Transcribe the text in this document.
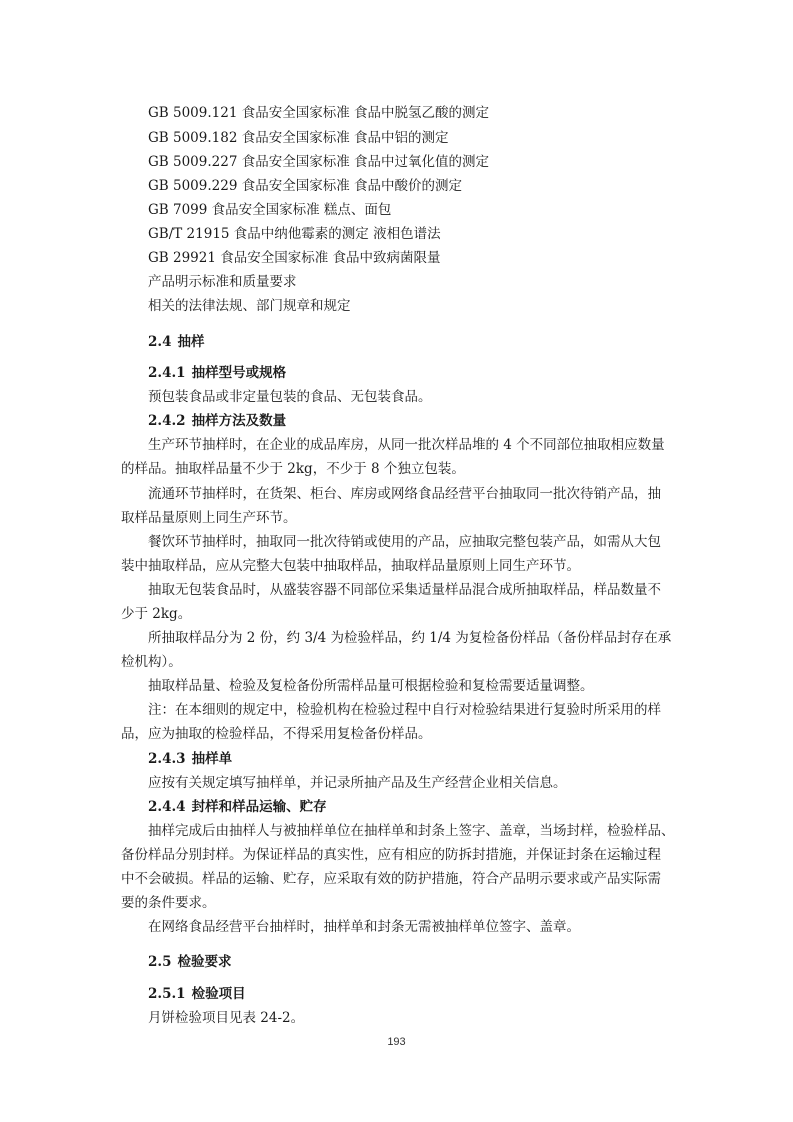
GB 5009.121 食品安全国家标准 食品中脱氢乙酸的测定
GB 5009.182 食品安全国家标准 食品中铝的测定
GB 5009.227 食品安全国家标准 食品中过氧化值的测定
GB 5009.229 食品安全国家标准 食品中酸价的测定
GB 7099 食品安全国家标准 糕点、面包
GB/T 21915 食品中纳他霉素的测定 液相色谱法
GB 29921 食品安全国家标准 食品中致病菌限量
产品明示标准和质量要求
相关的法律法规、部门规章和规定
2.4 抽样
2.4.1 抽样型号或规格
预包装食品或非定量包装的食品、无包装食品。
2.4.2 抽样方法及数量
生产环节抽样时，在企业的成品库房，从同一批次样品堆的 4 个不同部位抽取相应数量
的样品。抽取样品量不少于 2kg，不少于 8 个独立包装。
流通环节抽样时，在货架、柜台、库房或网络食品经营平台抽取同一批次待销产品，抽
取样品量原则上同生产环节。
餐饮环节抽样时，抽取同一批次待销或使用的产品，应抽取完整包装产品，如需从大包
装中抽取样品，应从完整大包装中抽取样品，抽取样品量原则上同生产环节。
抽取无包装食品时，从盛装容器不同部位采集适量样品混合成所抽取样品，样品数量不
少于 2kg。
所抽取样品分为 2 份，约 3/4 为检验样品，约 1/4 为复检备份样品（备份样品封存在承
检机构）。
抽取样品量、检验及复检备份所需样品量可根据检验和复检需要适量调整。
注：在本细则的规定中，检验机构在检验过程中自行对检验结果进行复验时所采用的样
品，应为抽取的检验样品，不得采用复检备份样品。
2.4.3 抽样单
应按有关规定填写抽样单，并记录所抽产品及生产经营企业相关信息。
2.4.4 封样和样品运输、贮存
抽样完成后由抽样人与被抽样单位在抽样单和封条上签字、盖章，当场封样，检验样品、
备份样品分别封样。为保证样品的真实性，应有相应的防拆封措施，并保证封条在运输过程
中不会破损。样品的运输、贮存，应采取有效的防护措施，符合产品明示要求或产品实际需
要的条件要求。
在网络食品经营平台抽样时，抽样单和封条无需被抽样单位签字、盖章。
2.5 检验要求
2.5.1 检验项目
月饼检验项目见表 24-2。
193
